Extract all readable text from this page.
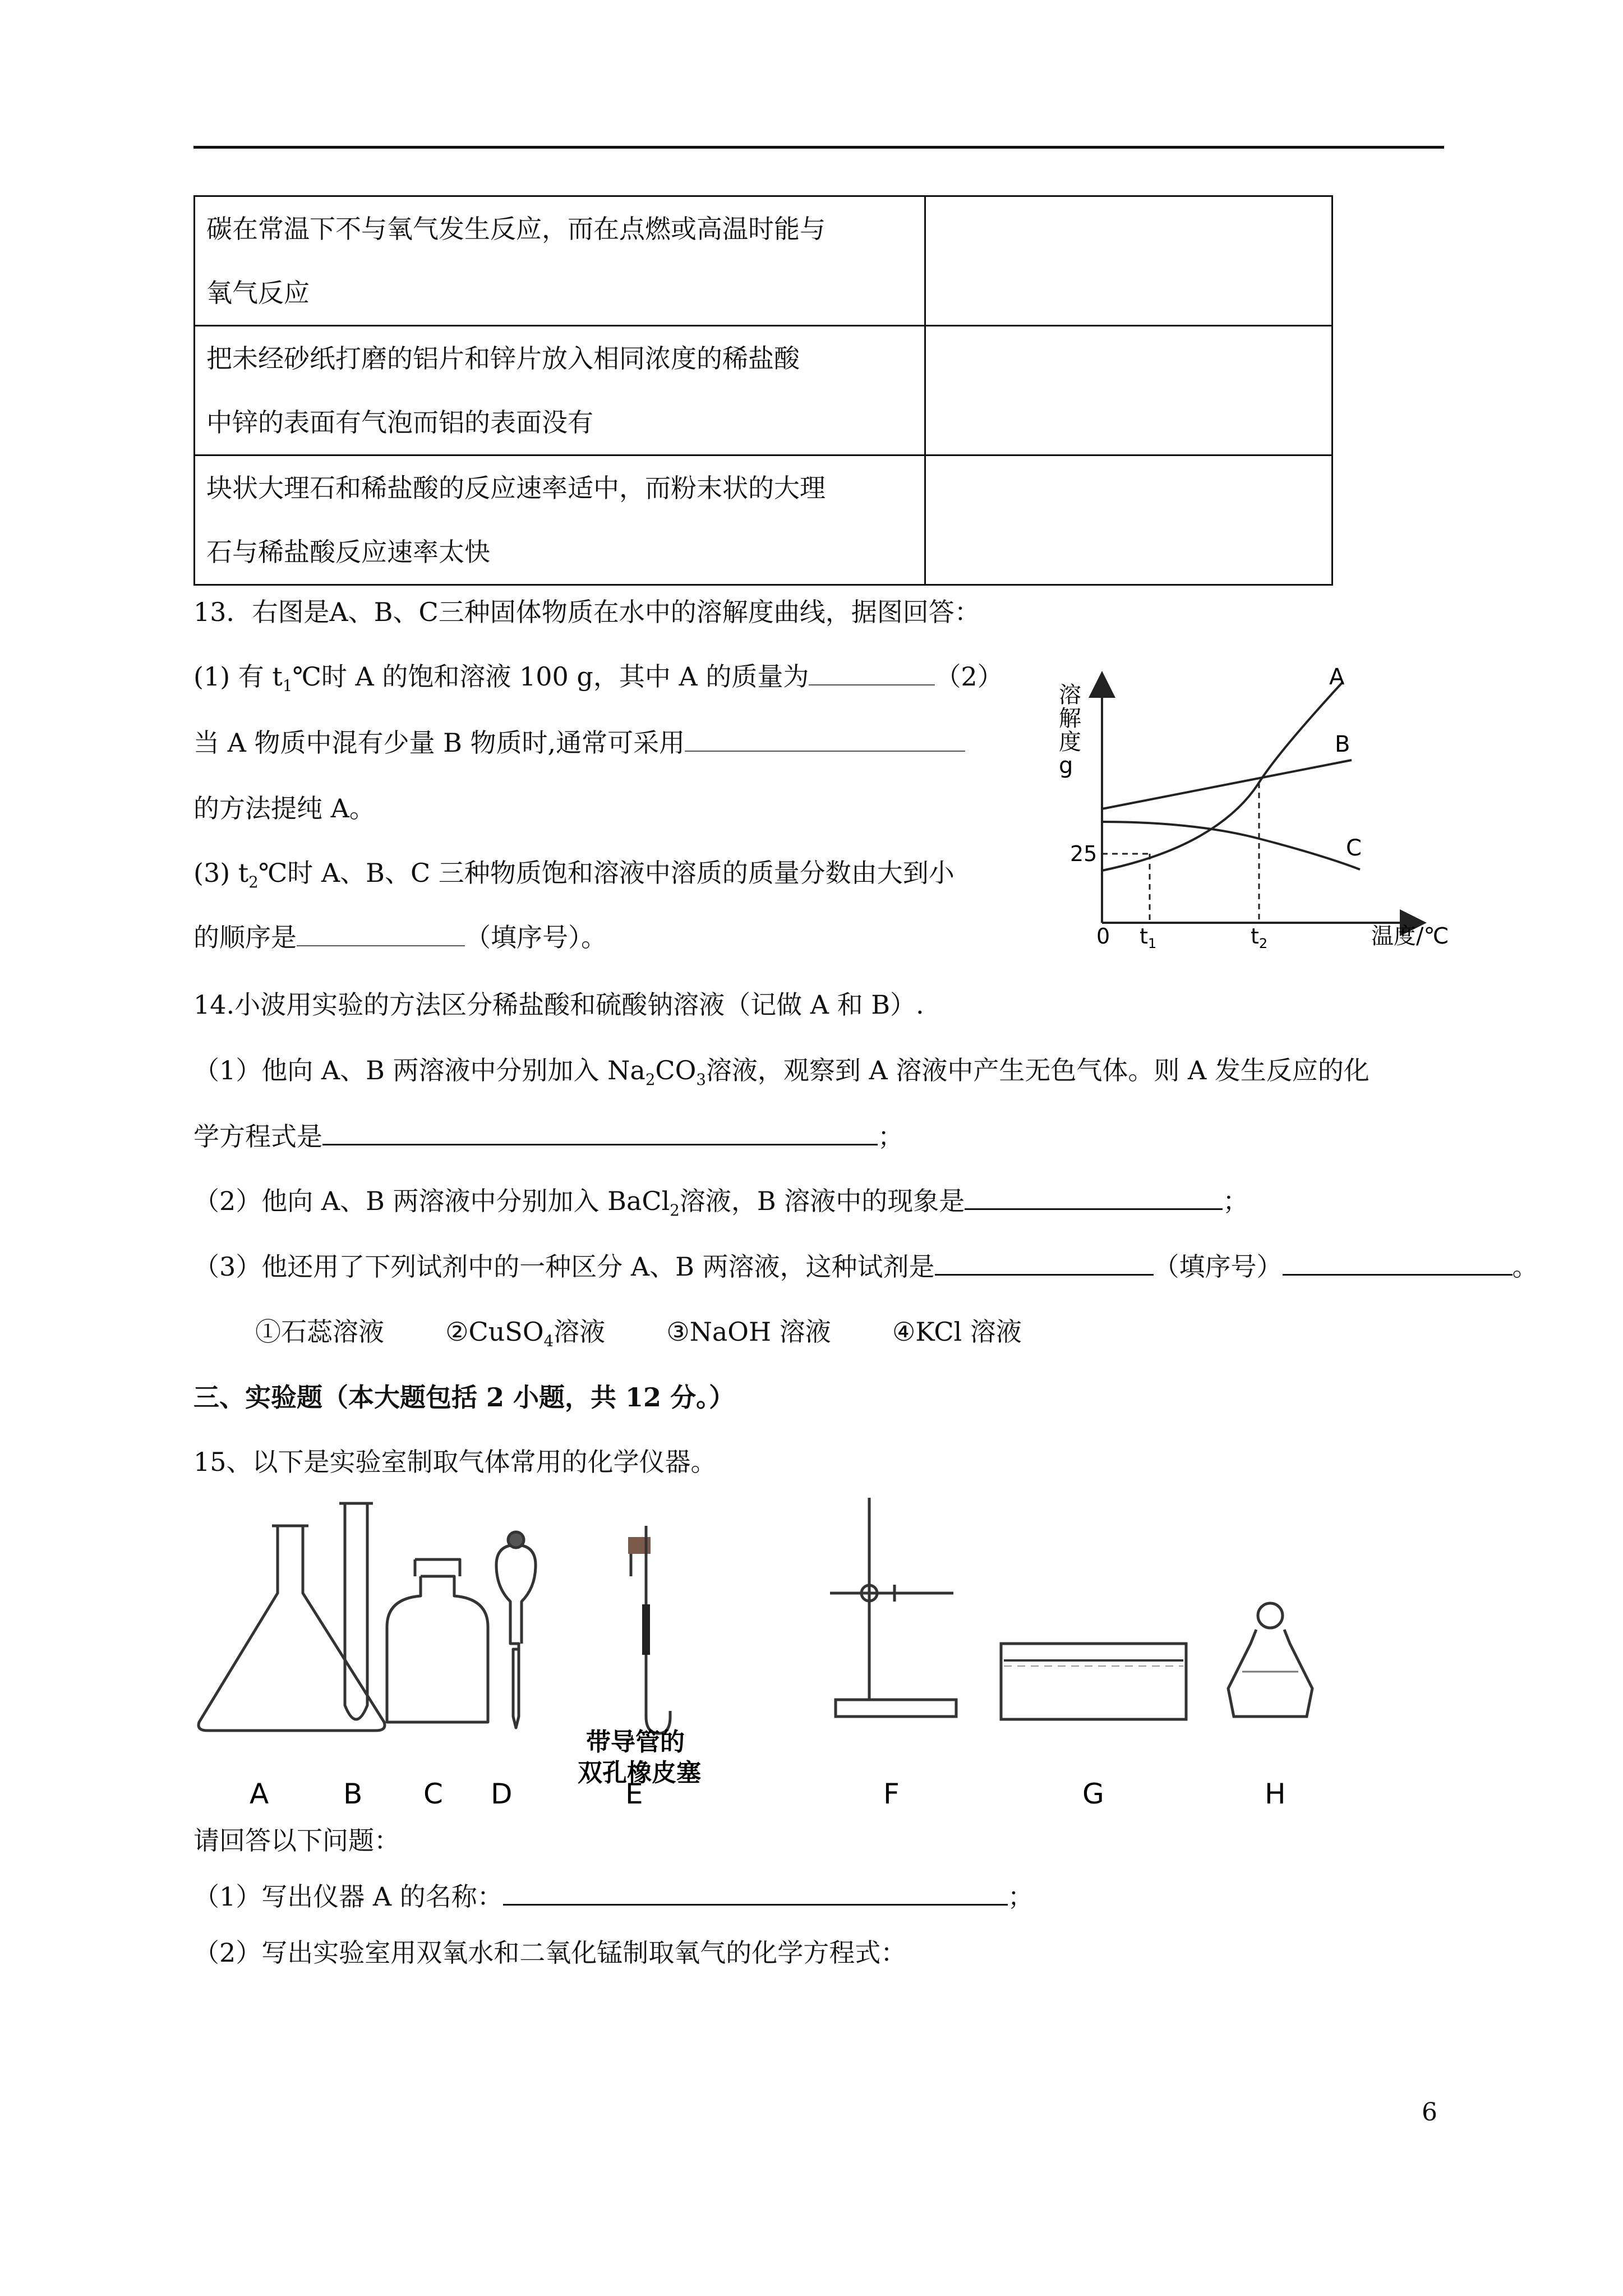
碳在常温下不与氧气发生反应，而在点燃或高温时能与
氧气反应	
把未经砂纸打磨的铝片和锌片放入相同浓度的稀盐酸
中锌的表面有气泡而铝的表面没有	
块状大理石和稀盐酸的反应速率适中，而粉末状的大理
石与稀盐酸反应速率太快	
13．右图是A、B、C三种固体物质在水中的溶解度曲线，据图回答：
(1) 有 $t_1℃$时 A 的饱和溶液 100 g，其中 A 的质量为	（2）
当 A 物质中混有少量 B 物质时,通常可采用
的方法提纯 A。
(3) $t_2℃$时 A、B、C 三种物质饱和溶液中溶质的质量分数由大到小
的顺序是	（填序号）。
溶解度 g
温度/℃
0
25
$t_1$	$t_2$
A
B
C
14.小波用实验的方法区分稀盐酸和硫酸钠溶液（记做 A 和 B）.
（1）他向 A、B 两溶液中分别加入 $Na_2CO_3$溶液，观察到 A 溶液中产生无色气体。则 A 发生反应的化
学方程式是	；
（2）他向 A、B 两溶液中分别加入 BaCl$_2$溶液，B 溶液中的现象是	；
（3）他还用了下列试剂中的一种区分 A、B 两溶液，这种试剂是	（填序号）	。
①石蕊溶液 ②CuSO$_4$溶液 ③NaOH 溶液 ④KCl 溶液
三、实验题（本大题包括 2 小题，共 12 分。）
15、以下是实验室制取气体常用的化学仪器。
带导管的
双孔橡皮塞
A	B C D	E	F	G	H
请回答以下问题：
（1）写出仪器 A 的名称：	；
（2）写出实验室用双氧水和二氧化锰制取氧气的化学方程式：
6
